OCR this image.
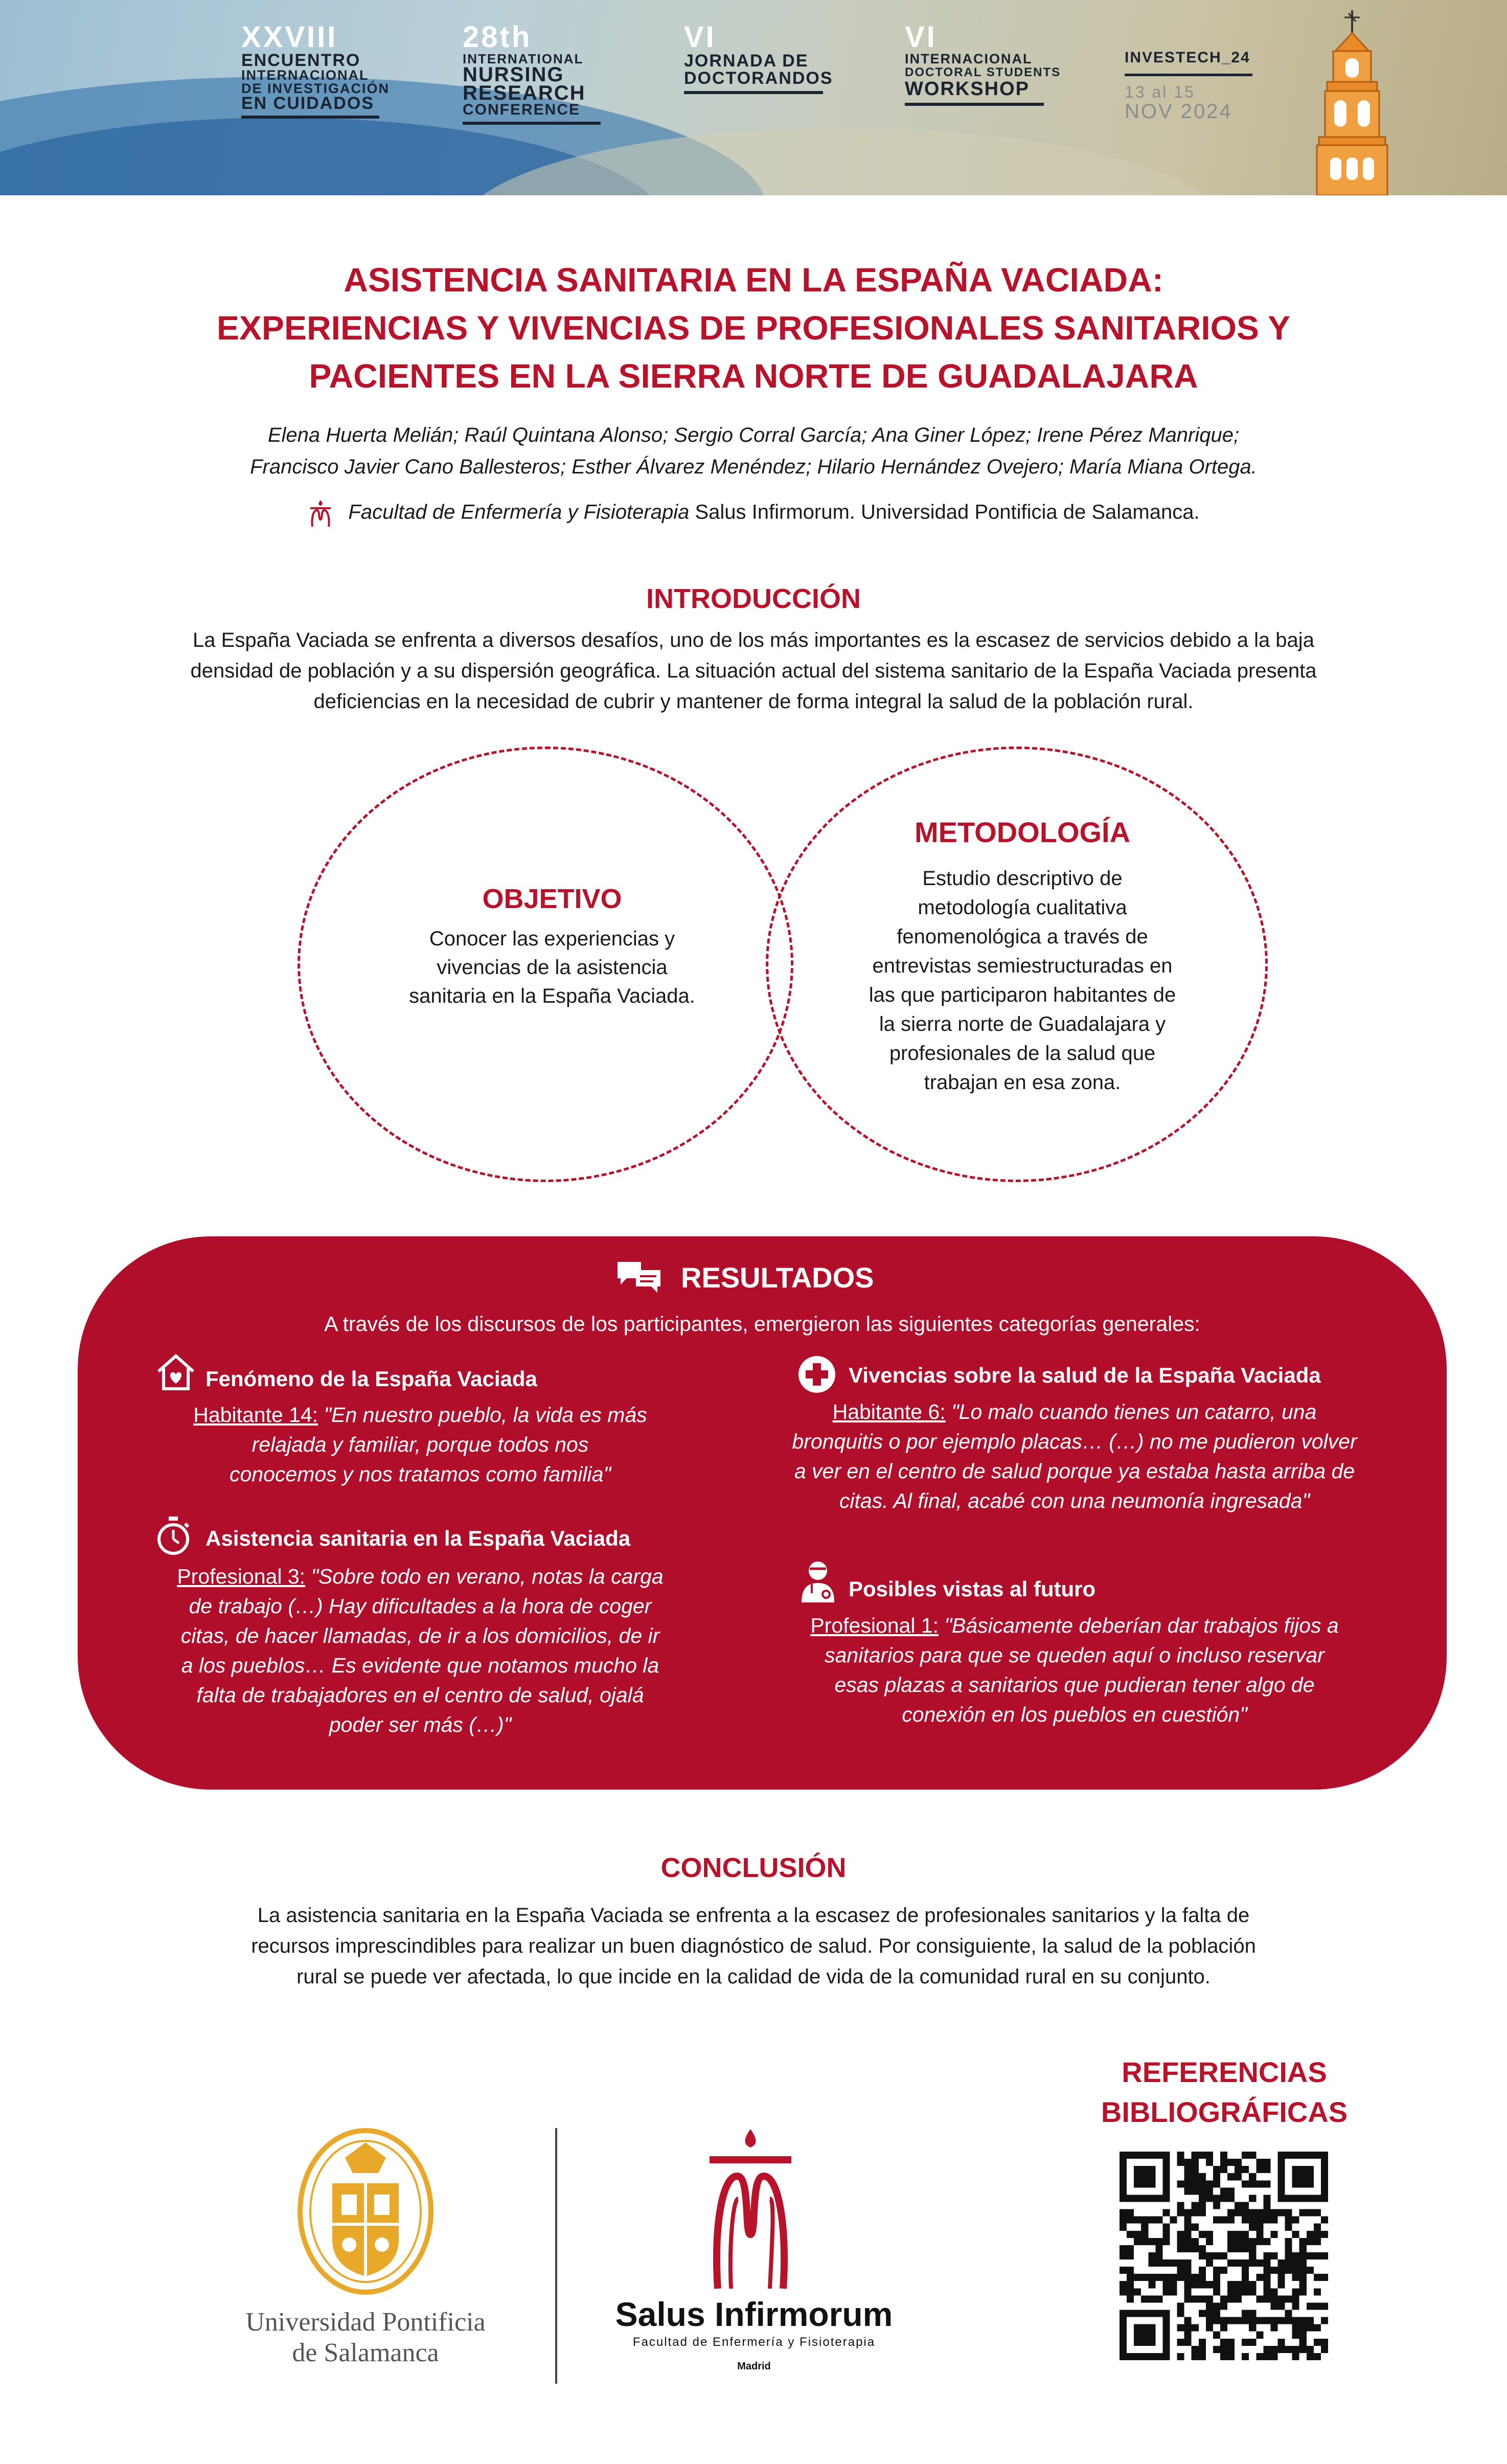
XXVIII
ENCUENTRO
INTERNACIONAL
DE INVESTIGACIÓN
EN CUIDADOS
28th
INTERNATIONAL
NURSING
RESEARCH
CONFERENCE
VI
JORNADA DE
DOCTORANDOS
VI
INTERNACIONAL
DOCTORAL STUDENTS
WORKSHOP
INVESTECH_24
13 al 15
NOV 2024
ASISTENCIA SANITARIA EN LA ESPAÑA VACIADA:
EXPERIENCIAS Y VIVENCIAS DE PROFESIONALES SANITARIOS Y
PACIENTES EN LA SIERRA NORTE DE GUADALAJARA
Elena Huerta Melián; Raúl Quintana Alonso; Sergio Corral García; Ana Giner López; Irene Pérez Manrique;
Francisco Javier Cano Ballesteros; Esther Álvarez Menéndez; Hilario Hernández Ovejero; María Miana Ortega.
Facultad de Enfermería y Fisioterapia Salus Infirmorum. Universidad Pontificia de Salamanca.
INTRODUCCIÓN
La España Vaciada se enfrenta a diversos desafíos, uno de los más importantes es la escasez de servicios debido a la baja
densidad de población y a su dispersión geográfica. La situación actual del sistema sanitario de la España Vaciada presenta
deficiencias en la necesidad de cubrir y mantener de forma integral la salud de la población rural.
OBJETIVO
Conocer las experiencias y
vivencias de la asistencia
sanitaria en la España Vaciada.
METODOLOGÍA
Estudio descriptivo de
metodología cualitativa
fenomenológica a través de
entrevistas semiestructuradas en
las que participaron habitantes de
la sierra norte de Guadalajara y
profesionales de la salud que
trabajan en esa zona.
RESULTADOS
A través de los discursos de los participantes, emergieron las siguientes categorías generales:
Fenómeno de la España Vaciada
Habitante 14: "En nuestro pueblo, la vida es más
relajada y familiar, porque todos nos
conocemos y nos tratamos como familia"
Asistencia sanitaria en la España Vaciada
Profesional 3: "Sobre todo en verano, notas la carga
de trabajo (…) Hay dificultades a la hora de coger
citas, de hacer llamadas, de ir a los domicilios, de ir
a los pueblos… Es evidente que notamos mucho la
falta de trabajadores en el centro de salud, ojalá
poder ser más (…)"
Vivencias sobre la salud de la España Vaciada
Habitante 6: "Lo malo cuando tienes un catarro, una
bronquitis o por ejemplo placas… (…) no me pudieron volver
a ver en el centro de salud porque ya estaba hasta arriba de
citas. Al final, acabé con una neumonía ingresada"
Posibles vistas al futuro
Profesional 1: "Básicamente deberían dar trabajos fijos a
sanitarios para que se queden aquí o incluso reservar
esas plazas a sanitarios que pudieran tener algo de
conexión en los pueblos en cuestión"
CONCLUSIÓN
La asistencia sanitaria en la España Vaciada se enfrenta a la escasez de profesionales sanitarios y la falta de
recursos imprescindibles para realizar un buen diagnóstico de salud. Por consiguiente, la salud de la población
rural se puede ver afectada, lo que incide en la calidad de vida de la comunidad rural en su conjunto.
Universidad Pontificia
de Salamanca
Salus Infirmorum
Facultad de Enfermería y Fisioterapia
Madrid
REFERENCIAS
BIBLIOGRÁFICAS
